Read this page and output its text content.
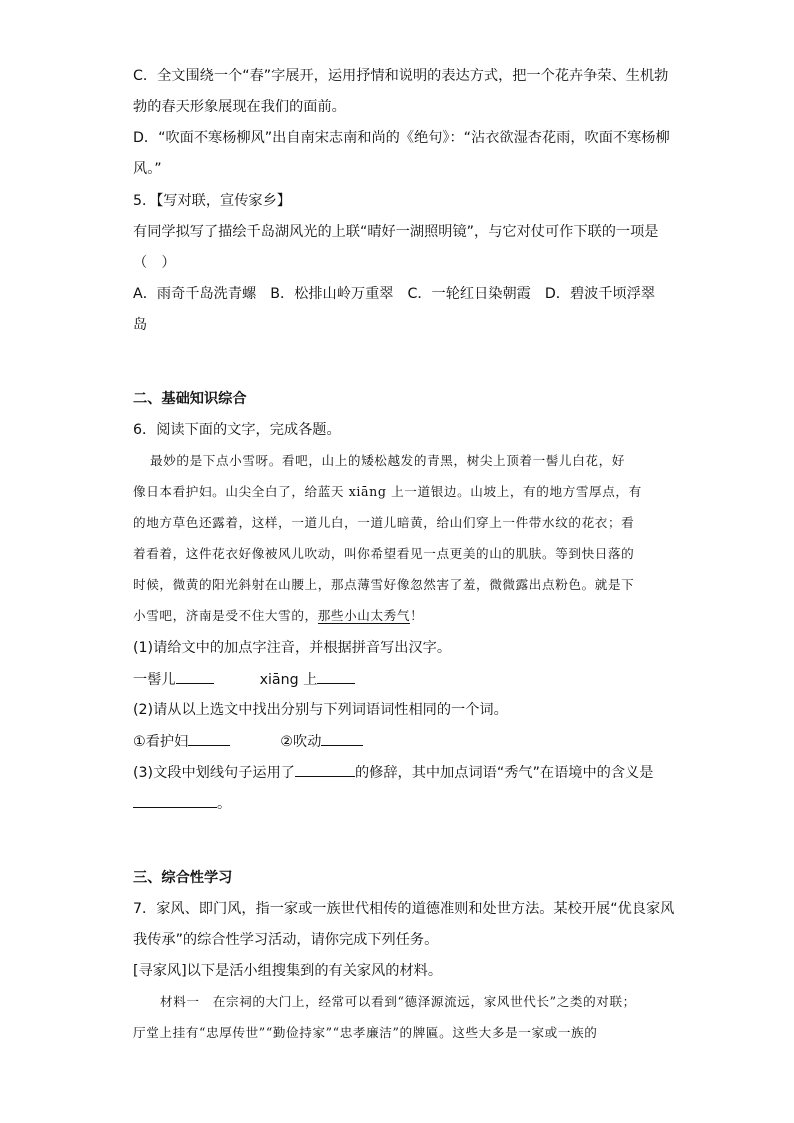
C．全文围绕一个“春”字展开，运用抒情和说明的表达方式，把一个花卉争荣、生机勃
勃的春天形象展现在我们的面前。
D．“吹面不寒杨柳风”出自南宋志南和尚的《绝句》：“沾衣欲湿杏花雨，吹面不寒杨柳
风。”
5．【写对联，宣传家乡】
有同学拟写了描绘千岛湖风光的上联“晴好一湖照明镜”，与它对仗可作下联的一项是
（　）
A．雨奇千岛洗青螺 B．松排山岭万重翠 C．一轮红日染朝霞 D．碧波千顷浮翠
岛
二、基础知识综合
6．阅读下面的文字，完成各题。
最妙的是下点小雪呀。看吧，山上的矮松越发的青黑，树尖上顶着一髻儿白花，好
像日本看护妇。山尖全白了，给蓝天 xiāng 上一道银边。山坡上，有的地方雪厚点，有
的地方草色还露着，这样，一道儿白，一道儿暗黄，给山们穿上一件带水纹的花衣；看
着看着，这件花衣好像被风儿吹动，叫你希望看见一点更美的山的肌肤。等到快日落的
时候，微黄的阳光斜射在山腰上，那点薄雪好像忽然害了羞，微微露出点粉色。就是下
小雪吧，济南是受不住大雪的，那些小山太秀气！
(1)请给文中的加点字注音，并根据拼音写出汉字。
一髻儿	xiāng 上
(2)请从以上选文中找出分别与下列词语词性相同的一个词。
①看护妇	②吹动
(3)文段中划线句子运用了	的修辞，其中加点词语“秀气”在语境中的含义是
。
三、综合性学习
7．家风、即门风，指一家或一族世代相传的道德准则和处世方法。某校开展“优良家风
我传承”的综合性学习活动，请你完成下列任务。
[寻家风]以下是活小组搜集到的有关家风的材料。
材料一　在宗祠的大门上，经常可以看到“德泽源流远，家风世代长”之类的对联；
厅堂上挂有“忠厚传世”“勤俭持家”“忠孝廉洁”的牌匾。这些大多是一家或一族的
